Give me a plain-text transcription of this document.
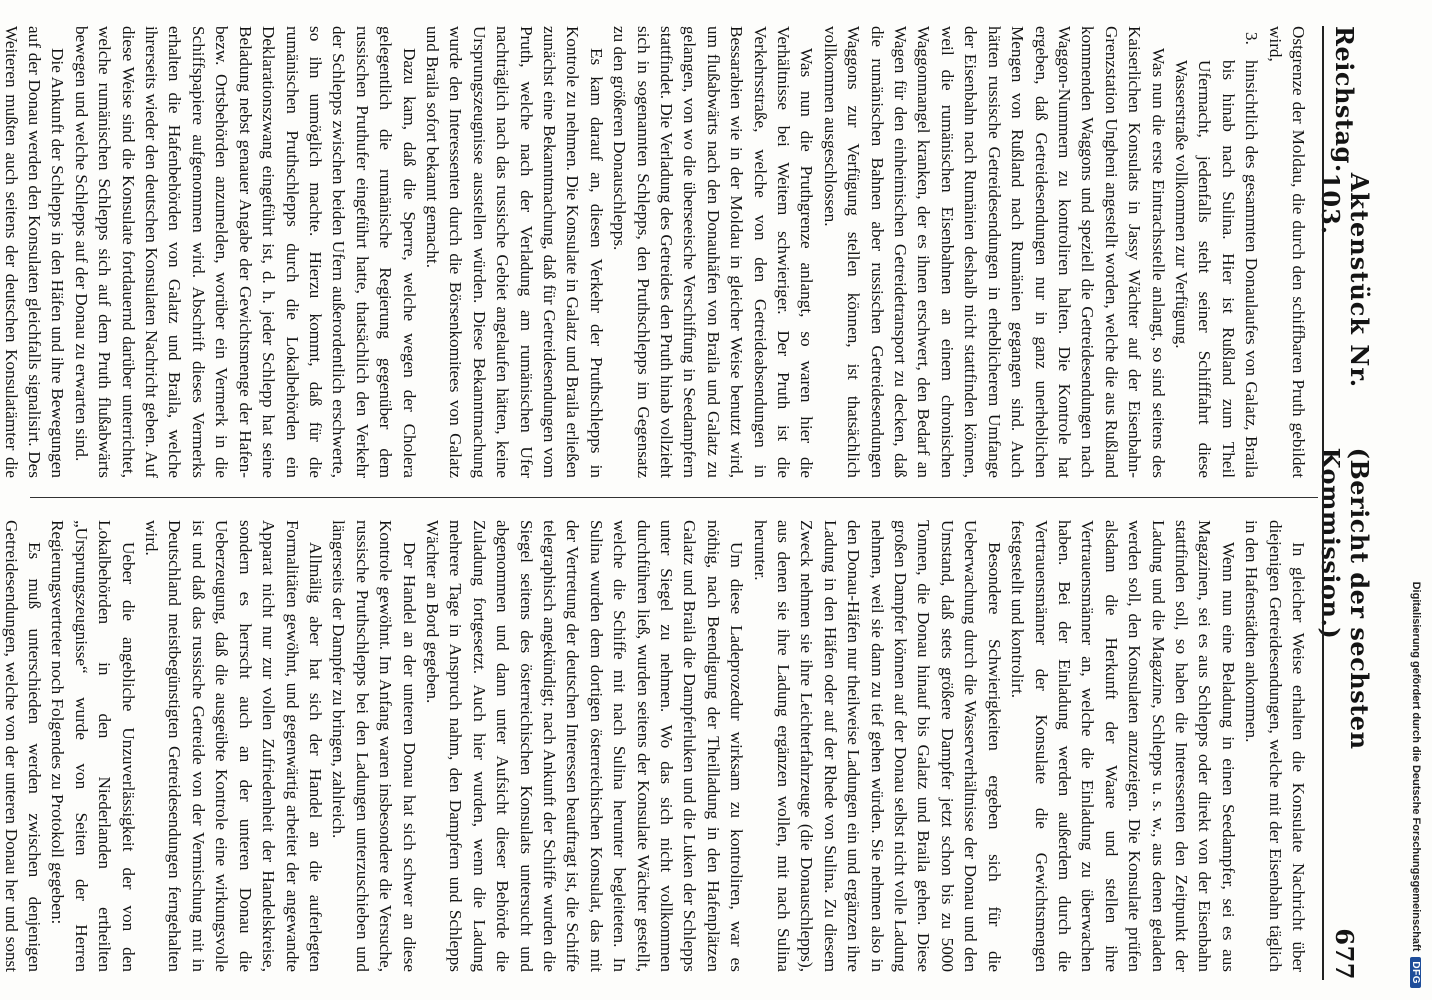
Reichstag.
Aktenstück Nr. 103.
(Bericht der sechsten Kommission.)
677

Ostgrenze der Moldau, die durch den schiffbaren Pruth gebildet wird,

3.
hinsichtlich des gesammten Donaulaufes von Galatz, Braila bis hinab nach Sulina. Hier ist Rußland zum Theil Ufermacht, jedenfalls steht seiner Schifffahrt diese Wasserstraße vollkommen zur Verfügung.

Was nun die erste Eintrachsstelle anlangt, so sind seitens des Kaiserlichen Konsulats in Jassy Wächter auf der Eisenbahn-Grenzstation Ungheni angestellt worden, welche die aus Rußland kommenden Waggons und speziell die Getreidesendungen nach Waggon-Nummern zu kontroliren halten. Die Kontrole hat ergeben, daß Getreidesendungen nur in ganz unerheblichen Mengen von Rußland nach Rumänien gegangen sind. Auch hätten russische Getreidesendungen in erheblicherem Umfange der Eisenbahn nach Rumänien deshalb nicht stattfinden können, weil die rumänischen Eisenbahnen an einem chronischen Waggonmangel kranken, der es ihnen erschwert, den Bedarf an Wagen für den einheimischen Getreidetransport zu decken, daß die rumänischen Bahnen aber russischen Getreidesendungen Waggons zur Verfügung stellen können, ist thatsächlich vollkommen ausgeschlossen.

Was nun die Pruthgrenze anlangt, so waren hier die Verhältnisse bei Weitem schwieriger. Der Pruth ist die Verkehrsstraße, welche von den Getreideabsendungen in Bessarabien wie in der Moldau in gleicher Weise benutzt wird, um flußabwärts nach den Donauhäfen von Braila und Galatz zu gelangen, von wo die überseeische Verschiffung in Seedampfern stattfindet. Die Verladung des Getreides den Pruth hinab vollzieht sich in sogenannten Schlepps, den Pruthschlepps im Gegensatz zu den größeren Donauschlepps.

Es kam darauf an, diesen Verkehr der Pruthschlepps in Kontrole zu nehmen. Die Konsulate in Galatz und Braila erließen zunächst eine Bekanntmachung, daß für Getreidesendungen vom Pruth, welche nach der Verladung am rumänischen Ufer nachträglich nach das russische Gebiet angelaufen hätten, keine Ursprungszeugnisse ausstellen würden. Diese Bekanntmachung wurde den Interessenten durch die Börsenkomitees von Galatz und Braila sofort bekannt gemacht.

Dazu kam, daß die Sperre, welche wegen der Cholera gelegentlich die rumänische Regierung gegenüber dem russischen Pruthufer eingeführt hatte, thatsächlich den Verkehr der Schlepps zwischen beiden Ufern außerordentlich erschwerte, so ihn unmöglich machte. Hierzu kommt, daß für die rumänischen Pruthschlepps durch die Lokalbehörden ein Deklarationszwang eingeführt ist, d. h. jeder Schlepp hat seine Beladung nebst genauer Angabe der Gewichtsmenge der Hafen- bezw. Ortsbehörden anzumelden, worüber ein Vermerk in die Schiffspapiere aufgenommen wird. Abschrift dieses Vermerks erhalten die Hafenbehörden von Galatz und Braila, welche ihrerseits wieder den deutschen Konsulaten Nachricht geben. Auf diese Weise sind die Konsulate fortdauernd darüber unterrichtet, welche rumänischen Schlepps sich auf dem Pruth flußabwärts bewegen und welche Schlepps auf der Donau zu erwarten sind.

Die Ankunft der Schlepps in den Häfen und ihre Bewegungen auf der Donau werden den Konsulaten gleichfalls signalisirt. Des Weiteren mußten auch seitens der deutschen Konsulatämter die

In gleicher Weise erhalten die Konsulate Nachricht über diejenigen Getreidesendungen, welche mit der Eisenbahn täglich in den Hafenstädten ankommen.

Wenn nun eine Beladung in einen Seedampfer, sei es aus Magazinen, sei es aus Schlepps oder direkt von der Eisenbahn stattfinden soll, so haben die Interessenten den Zeitpunkt der Ladung und die Magazine, Schlepps u. s. w., aus denen geladen werden soll, den Konsulaten anzuzeigen. Die Konsulate prüfen alsdann die Herkunft der Waare und stellen ihre Vertrauensmänner an, welche die Einladung zu überwachen haben. Bei der Einladung werden außerdem durch die Vertrauensmänner der Konsulate die Gewichtsmengen festgestellt und kontrolirt.

Besondere Schwierigkeiten ergeben sich für die Ueberwachung durch die Wasserverhältnisse der Donau und den Umstand, daß stets größere Dampfer jetzt schon bis zu 5000 Tonnen, die Donau hinauf bis Galatz und Braila gehen. Diese großen Dampfer können auf der Donau selbst nicht volle Ladung nehmen, weil sie dann zu tief gehen würden. Sie nehmen also in den Donau-Häfen nur theilweise Ladungen ein und ergänzen ihre Ladung in den Häfen oder auf der Rhede von Sulina. Zu diesem Zweck nehmen sie ihre Leichterfahrzeuge (die Donauschlepps), aus denen sie ihre Ladung ergänzen wollen, mit nach Sulina herunter.

Um diese Ladeprozedur wirksam zu kontroliren, war es nöthig, nach Beendigung der Theilladung in den Hafenplätzen Galatz und Braila die Dampferluken und die Luken der Schlepps unter Siegel zu nehmen. Wo das sich nicht vollkommen durchführen ließ, wurden seitens der Konsulate Wächter gestellt, welche die Schiffe mit nach Sulina herunter begleiteten. In Sulina wurden dem dortigen österreichischen Konsulat, das mit der Vertretung der deutschen Interessen beauftragt ist, die Schiffe telegraphisch angekündigt; nach Ankunft der Schiffe wurden die Siegel seitens des österreichischen Konsulats untersucht und abgenommen und dann unter Aufsicht dieser Behörde die Zuladung fortgesetzt. Auch hier wurden, wenn die Ladung mehrere Tage in Anspruch nahm, den Dampfern und Schlepps Wächter an Bord gegeben.

Der Handel an der unteren Donau hat sich schwer an diese Kontrole gewöhnt. Im Anfang waren insbesondere die Versuche, russische Pruthschlepps bei den Ladungen unterzuschieben und längerseits der Dampfer zu bringen, zahlreich.

Allmälig aber hat sich der Handel an die auferlegten Formalitäten gewöhnt, und gegenwärtig arbeitet der angewandte Apparat nicht nur zur vollen Zufriedenheit der Handelskreise, sondern es herrscht auch an der unteren Donau die Ueberzeugung, daß die ausgeübte Kontrole eine wirkungsvolle ist und daß das russische Getreide von der Vermischung mit in Deutschland meistbegünstigten Getreidesendungen ferngehalten wird.

Ueber die angebliche Unzuverlässigkeit der von den Lokalbehörden in den Niederlanden ertheilten „Ursprungszeugnisse“ wurde von Seiten der Herren Regierungsvertreter noch Folgendes zu Protokoll gegeben:

Es muß unterschieden werden zwischen denjenigen Getreidesendungen, welche von der unteren Donau her und sonst

Digitalisierung gefördert durch die Deutsche Forschungsgemeinschaft
DFG
